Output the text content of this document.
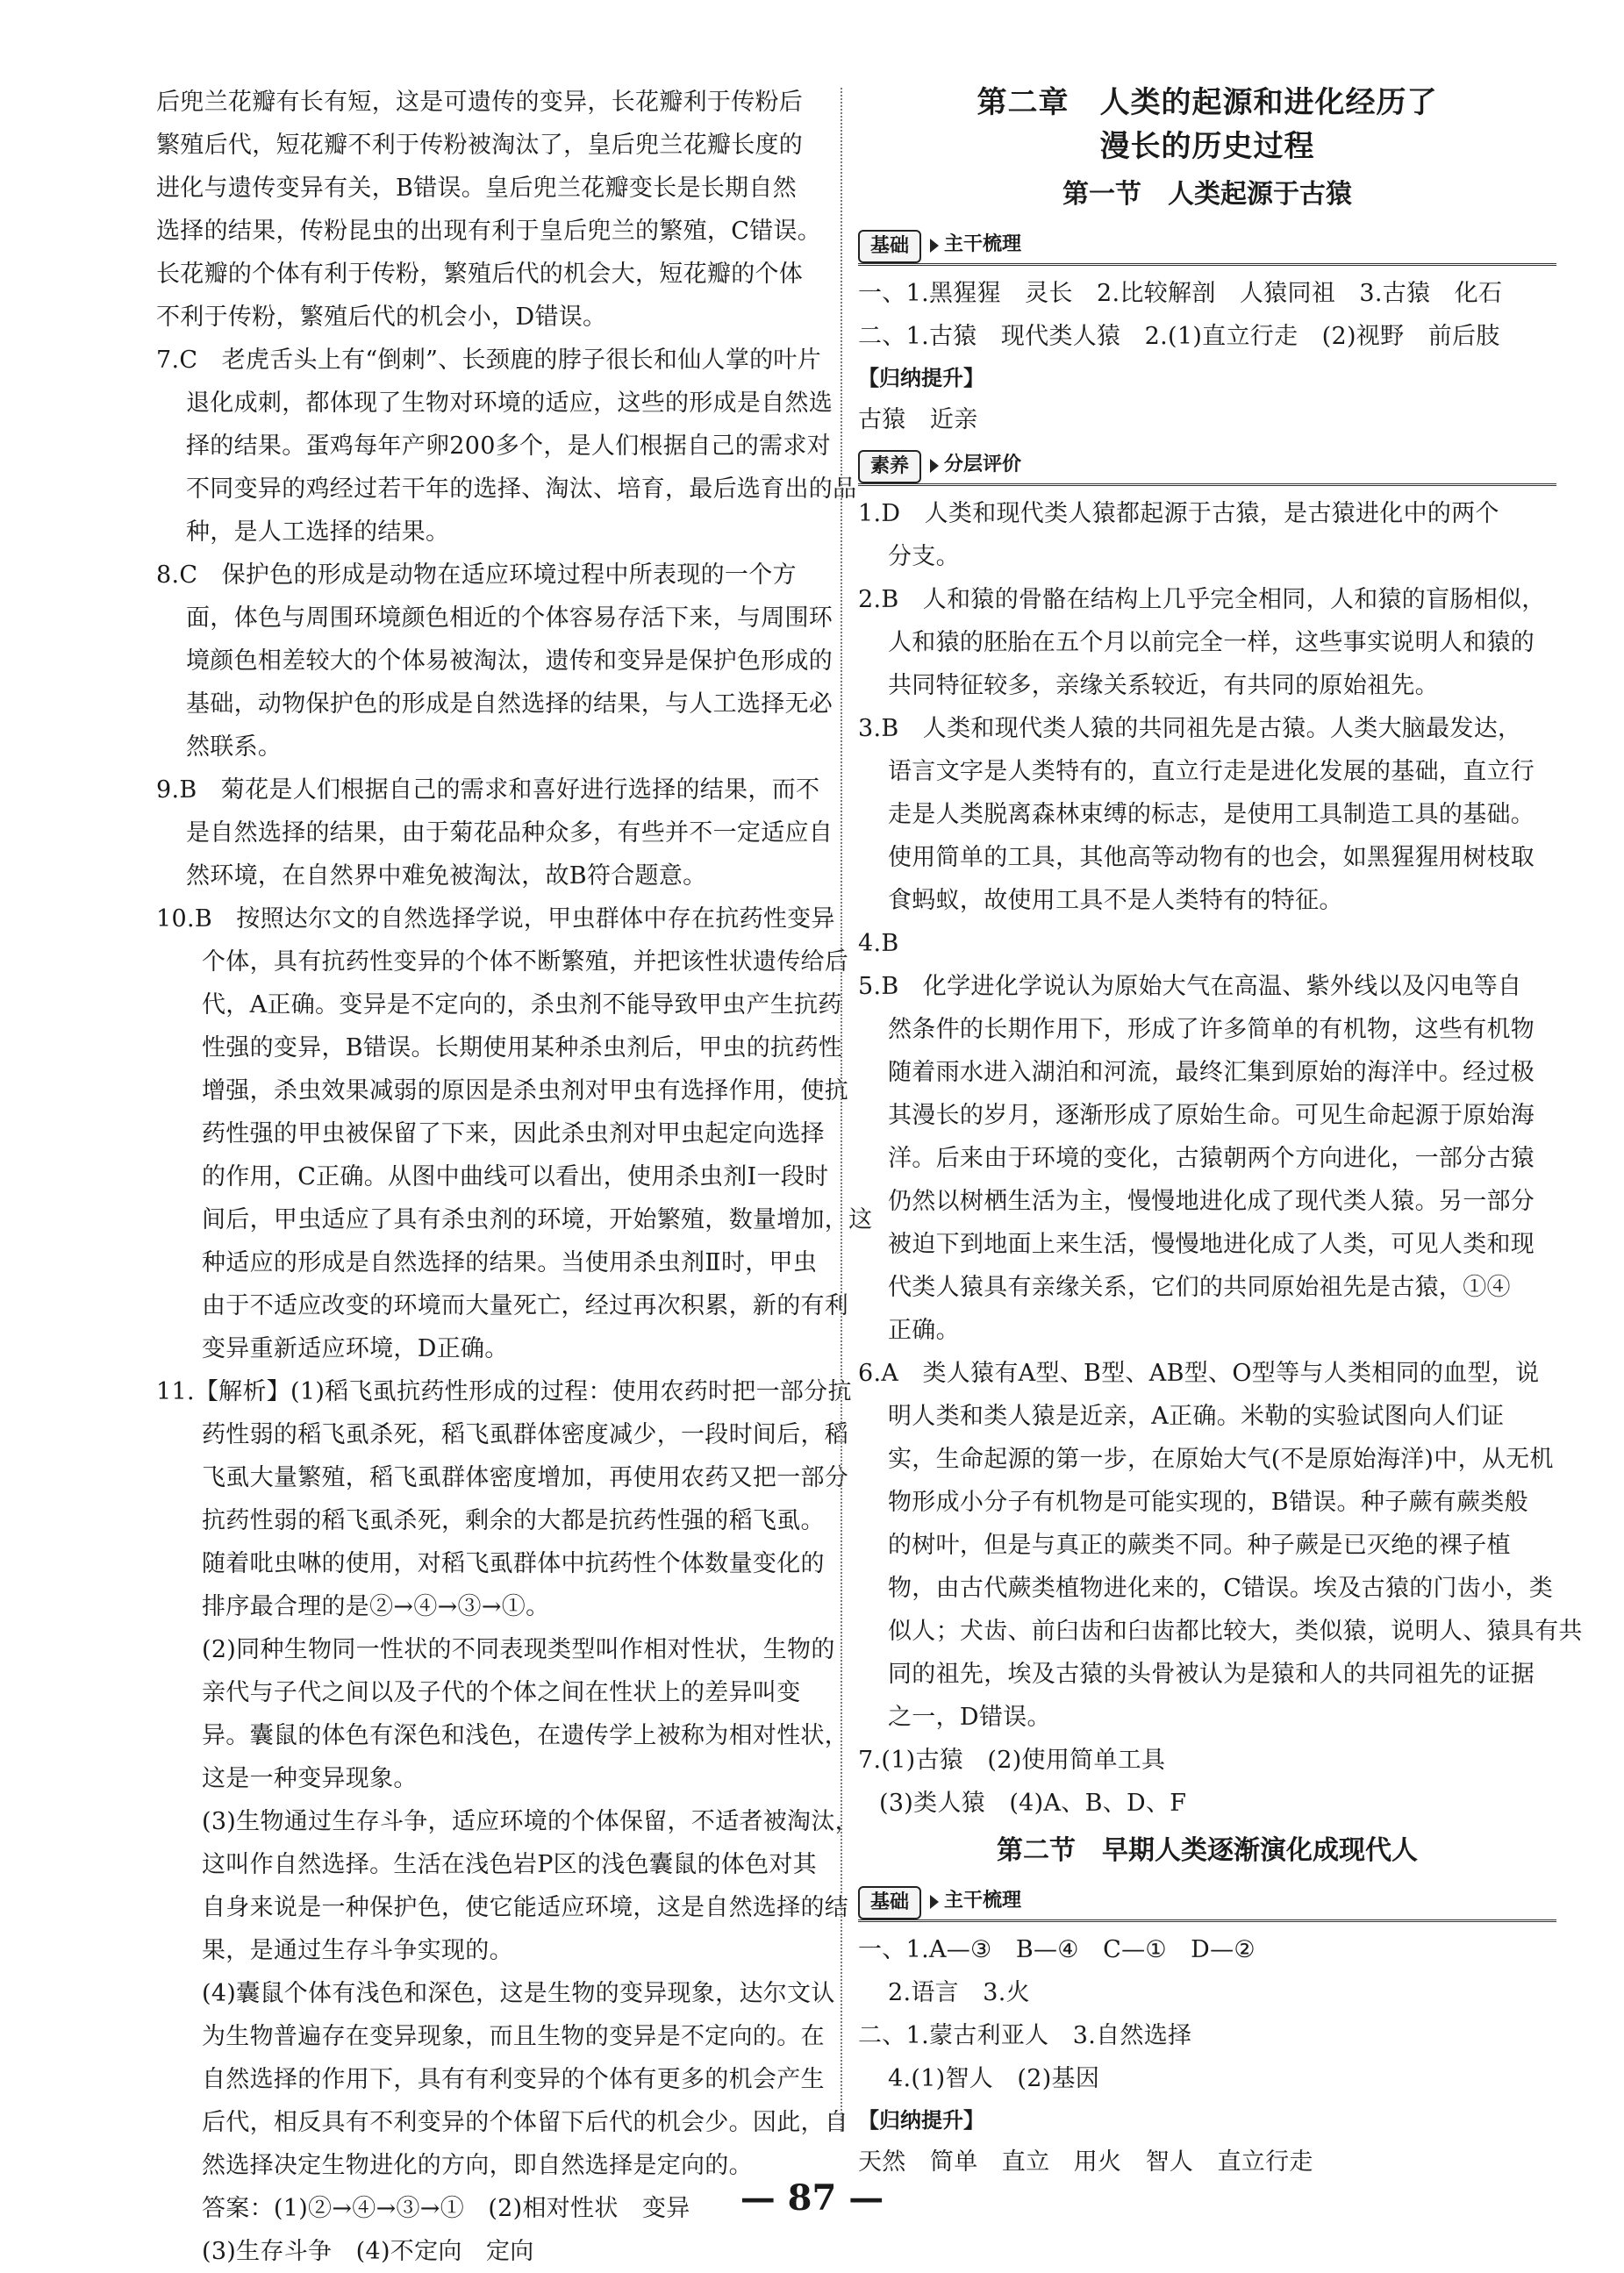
后兜兰花瓣有长有短，这是可遗传的变异，长花瓣利于传粉后

繁殖后代，短花瓣不利于传粉被淘汰了，皇后兜兰花瓣长度的

进化与遗传变异有关，B错误。皇后兜兰花瓣变长是长期自然

选择的结果，传粉昆虫的出现有利于皇后兜兰的繁殖，C错误。

长花瓣的个体有利于传粉，繁殖后代的机会大，短花瓣的个体

不利于传粉，繁殖后代的机会小，D错误。

7.C　老虎舌头上有“倒刺”、长颈鹿的脖子很长和仙人掌的叶片

退化成刺，都体现了生物对环境的适应，这些的形成是自然选

择的结果。蛋鸡每年产卵200多个，是人们根据自己的需求对

不同变异的鸡经过若干年的选择、淘汰、培育，最后选育出的品

种，是人工选择的结果。

8.C　保护色的形成是动物在适应环境过程中所表现的一个方

面，体色与周围环境颜色相近的个体容易存活下来，与周围环

境颜色相差较大的个体易被淘汰，遗传和变异是保护色形成的

基础，动物保护色的形成是自然选择的结果，与人工选择无必

然联系。

9.B　菊花是人们根据自己的需求和喜好进行选择的结果，而不

是自然选择的结果，由于菊花品种众多，有些并不一定适应自

然环境，在自然界中难免被淘汰，故B符合题意。

10.B　按照达尔文的自然选择学说，甲虫群体中存在抗药性变异

个体，具有抗药性变异的个体不断繁殖，并把该性状遗传给后

代，A正确。变异是不定向的，杀虫剂不能导致甲虫产生抗药

性强的变异，B错误。长期使用某种杀虫剂后，甲虫的抗药性

增强，杀虫效果减弱的原因是杀虫剂对甲虫有选择作用，使抗

药性强的甲虫被保留了下来，因此杀虫剂对甲虫起定向选择

的作用，C正确。从图中曲线可以看出，使用杀虫剂Ⅰ一段时

间后，甲虫适应了具有杀虫剂的环境，开始繁殖，数量增加，这

种适应的形成是自然选择的结果。当使用杀虫剂Ⅱ时，甲虫

由于不适应改变的环境而大量死亡，经过再次积累，新的有利

变异重新适应环境，D正确。

11.【解析】(1)稻飞虱抗药性形成的过程：使用农药时把一部分抗

药性弱的稻飞虱杀死，稻飞虱群体密度减少，一段时间后，稻

飞虱大量繁殖，稻飞虱群体密度增加，再使用农药又把一部分

抗药性弱的稻飞虱杀死，剩余的大都是抗药性强的稻飞虱。

随着吡虫啉的使用，对稻飞虱群体中抗药性个体数量变化的

排序最合理的是②→④→③→①。

(2)同种生物同一性状的不同表现类型叫作相对性状，生物的

亲代与子代之间以及子代的个体之间在性状上的差异叫变

异。囊鼠的体色有深色和浅色，在遗传学上被称为相对性状，

这是一种变异现象。

(3)生物通过生存斗争，适应环境的个体保留，不适者被淘汰，

这叫作自然选择。生活在浅色岩P区的浅色囊鼠的体色对其

自身来说是一种保护色，使它能适应环境，这是自然选择的结

果，是通过生存斗争实现的。

(4)囊鼠个体有浅色和深色，这是生物的变异现象，达尔文认

为生物普遍存在变异现象，而且生物的变异是不定向的。在

自然选择的作用下，具有有利变异的个体有更多的机会产生

后代，相反具有不利变异的个体留下后代的机会少。因此，自

然选择决定生物进化的方向，即自然选择是定向的。

答案：(1)②→④→③→①　(2)相对性状　变异

(3)生存斗争　(4)不定向　定向

第二章　人类的起源和进化经历了
漫长的历史过程
第一节　人类起源于古猿
基础	主干梳理

一、1.黑猩猩　灵长　2.比较解剖　人猿同祖　3.古猿　化石

二、1.古猿　现代类人猿　2.(1)直立行走　(2)视野　前后肢

【归纳提升】

古猿　近亲

素养	分层评价

1.D　人类和现代类人猿都起源于古猿，是古猿进化中的两个

分支。

2.B　人和猿的骨骼在结构上几乎完全相同，人和猿的盲肠相似，

人和猿的胚胎在五个月以前完全一样，这些事实说明人和猿的

共同特征较多，亲缘关系较近，有共同的原始祖先。

3.B　人类和现代类人猿的共同祖先是古猿。人类大脑最发达，

语言文字是人类特有的，直立行走是进化发展的基础，直立行

走是人类脱离森林束缚的标志，是使用工具制造工具的基础。

使用简单的工具，其他高等动物有的也会，如黑猩猩用树枝取

食蚂蚁，故使用工具不是人类特有的特征。

4.B

5.B　化学进化学说认为原始大气在高温、紫外线以及闪电等自

然条件的长期作用下，形成了许多简单的有机物，这些有机物

随着雨水进入湖泊和河流，最终汇集到原始的海洋中。经过极

其漫长的岁月，逐渐形成了原始生命。可见生命起源于原始海

洋。后来由于环境的变化，古猿朝两个方向进化，一部分古猿

仍然以树栖生活为主，慢慢地进化成了现代类人猿。另一部分

被迫下到地面上来生活，慢慢地进化成了人类，可见人类和现

代类人猿具有亲缘关系，它们的共同原始祖先是古猿，①④

正确。

6.A　类人猿有A型、B型、AB型、O型等与人类相同的血型，说

明人类和类人猿是近亲，A正确。米勒的实验试图向人们证

实，生命起源的第一步，在原始大气(不是原始海洋)中，从无机

物形成小分子有机物是可能实现的，B错误。种子蕨有蕨类般

的树叶，但是与真正的蕨类不同。种子蕨是已灭绝的裸子植

物，由古代蕨类植物进化来的，C错误。埃及古猿的门齿小，类

似人；犬齿、前臼齿和臼齿都比较大，类似猿，说明人、猿具有共

同的祖先，埃及古猿的头骨被认为是猿和人的共同祖先的证据

之一，D错误。

7.(1)古猿　(2)使用简单工具

(3)类人猿　(4)A、B、D、F

第二节　早期人类逐渐演化成现代人
基础	主干梳理

一、1.A—③　B—④　C—①　D—②

2.语言　3.火

二、1.蒙古利亚人　3.自然选择

4.(1)智人　(2)基因

【归纳提升】

天然　简单　直立　用火　智人　直立行走

— 87 —
